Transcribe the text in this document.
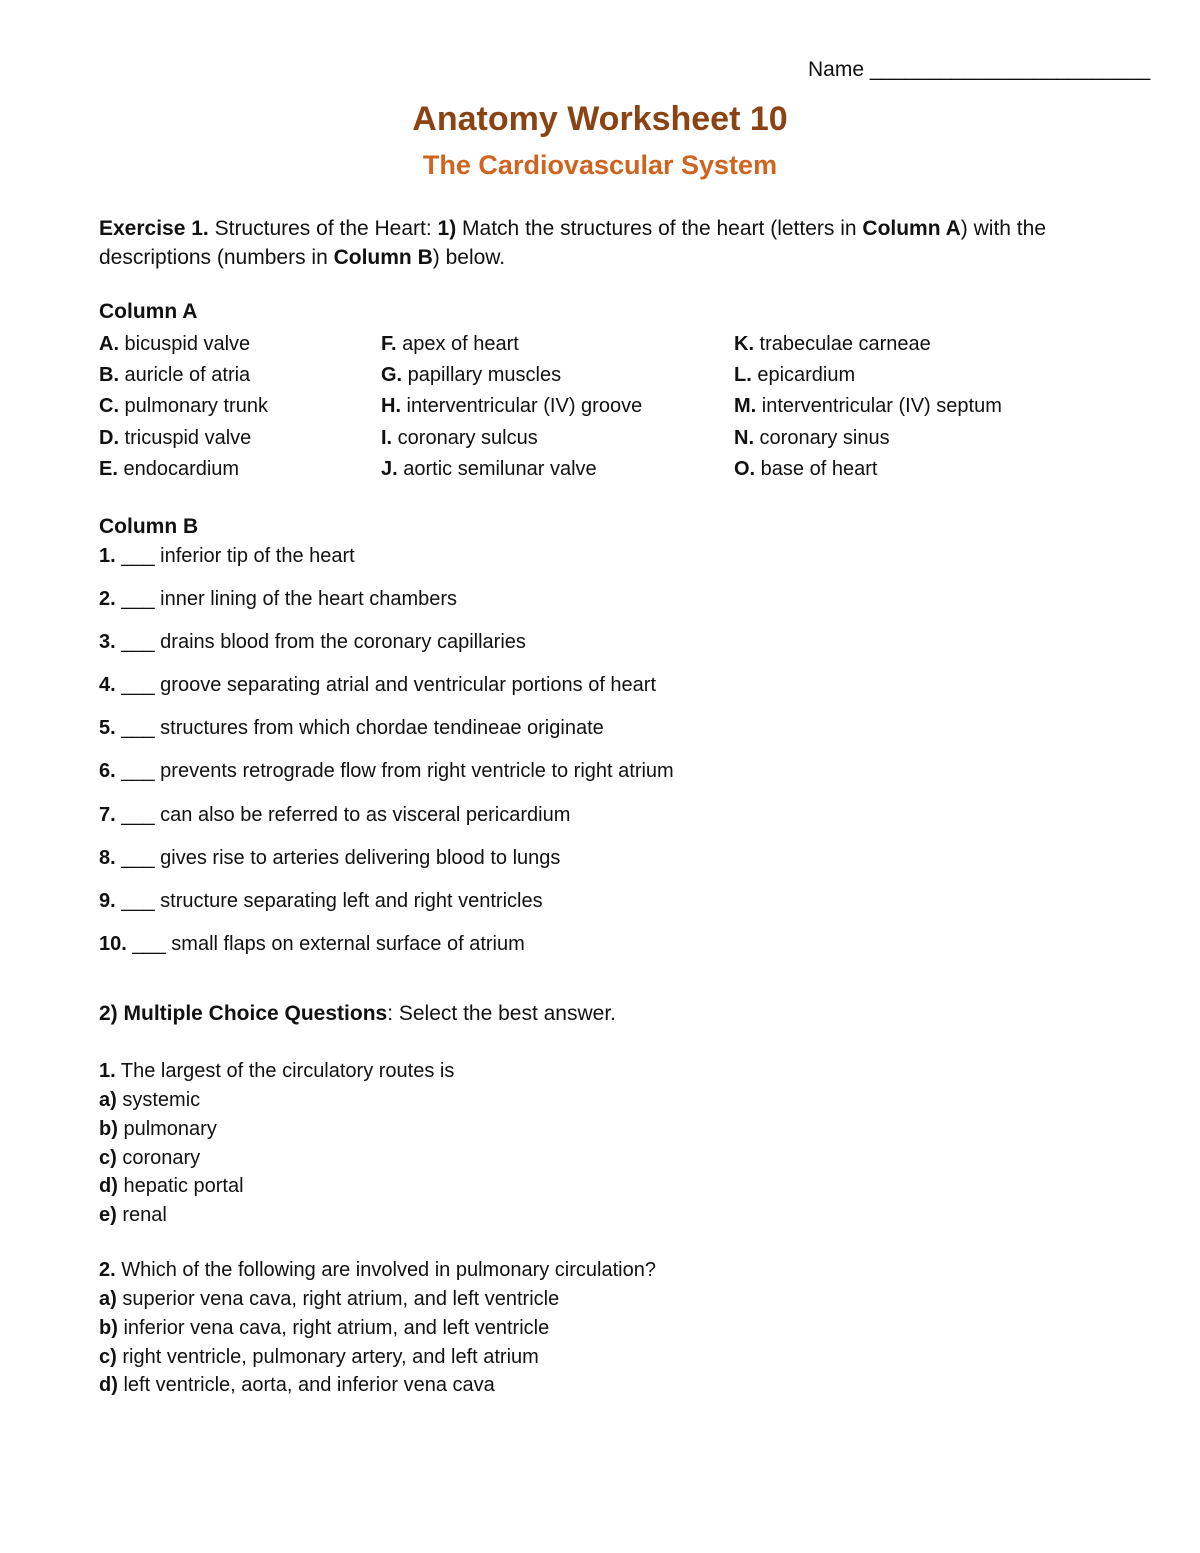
Name ________________________
Anatomy Worksheet 10
The Cardiovascular System
Exercise 1. Structures of the Heart: 1) Match the structures of the heart (letters in Column A) with the descriptions (numbers in Column B) below.
Column A
A. bicuspid valve	F. apex of heart	K. trabeculae carneae
B. auricle of atria	G. papillary muscles	L. epicardium
C. pulmonary trunk	H. interventricular (IV) groove	M. interventricular (IV) septum
D. tricuspid valve	I. coronary sulcus	N. coronary sinus
E. endocardium	J. aortic semilunar valve	O. base of heart
Column B
1. ___ inferior tip of the heart
2. ___ inner lining of the heart chambers
3. ___ drains blood from the coronary capillaries
4. ___ groove separating atrial and ventricular portions of heart
5. ___ structures from which chordae tendineae originate
6. ___ prevents retrograde flow from right ventricle to right atrium
7. ___ can also be referred to as visceral pericardium
8. ___ gives rise to arteries delivering blood to lungs
9. ___ structure separating left and right ventricles
10. ___ small flaps on external surface of atrium
2) Multiple Choice Questions: Select the best answer.
1. The largest of the circulatory routes is
a) systemic
b) pulmonary
c) coronary
d) hepatic portal
e) renal
2. Which of the following are involved in pulmonary circulation?
a) superior vena cava, right atrium, and left ventricle
b) inferior vena cava, right atrium, and left ventricle
c) right ventricle, pulmonary artery, and left atrium
d) left ventricle, aorta, and inferior vena cava
